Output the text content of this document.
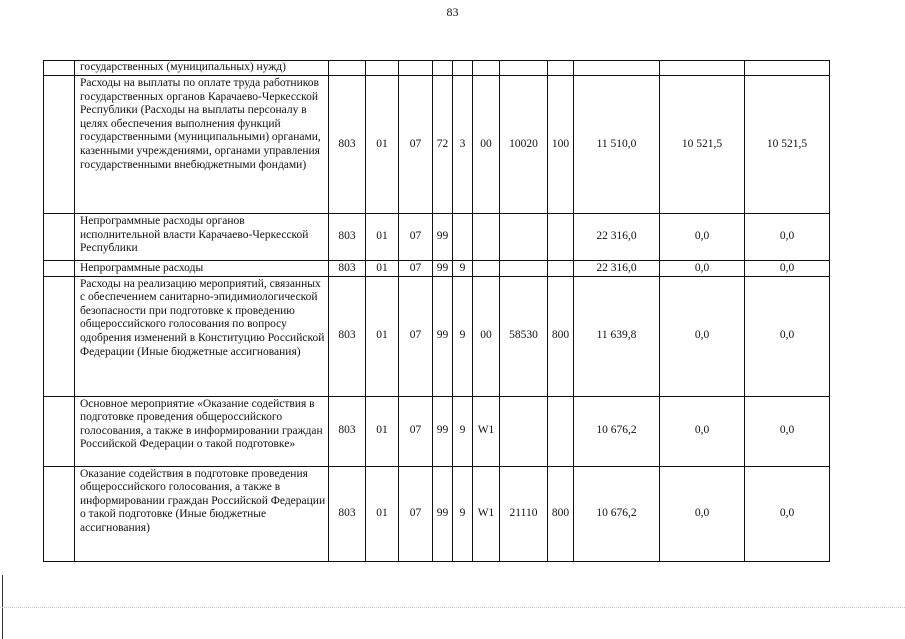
83
	государственных (муниципальных) нужд)											
	Расходы на выплаты по оплате труда работников государственных органов Карачаево-Черкесской Республики (Расходы на выплаты персоналу в целях обеспечения выполнения функций государственными (муниципальными) органами, казенными учреждениями, органами управления государственными внебюджетными фондами)	803	01	07	72	3	00	10020	100	11 510,0	10 521,5	10 521,5
	Непрограммные расходы органов исполнительной власти Карачаево-Черкесской Республики	803	01	07	99					22 316,0	0,0	0,0
	Непрограммные расходы	803	01	07	99	9				22 316,0	0,0	0,0
	Расходы на реализацию мероприятий, связанных с обеспечением санитарно-эпидимиологической безопасности при подготовке к проведению общероссийского голосования по вопросу одобрения изменений в Конституцию Российской Федерации (Иные бюджетные ассигнования)	803	01	07	99	9	00	58530	800	11 639,8	0,0	0,0
	Основное мероприятие «Оказание содействия в подготовке проведения общероссийского голосования, а также в информировании граждан Российской Федерации о такой подготовке»	803	01	07	99	9	W1			10 676,2	0,0	0,0
	Оказание содействия в подготовке проведения общероссийского голосования, а также в информировании граждан Российской Федерации о такой подготовке (Иные бюджетные ассигнования)	803	01	07	99	9	W1	21110	800	10 676,2	0,0	0,0
